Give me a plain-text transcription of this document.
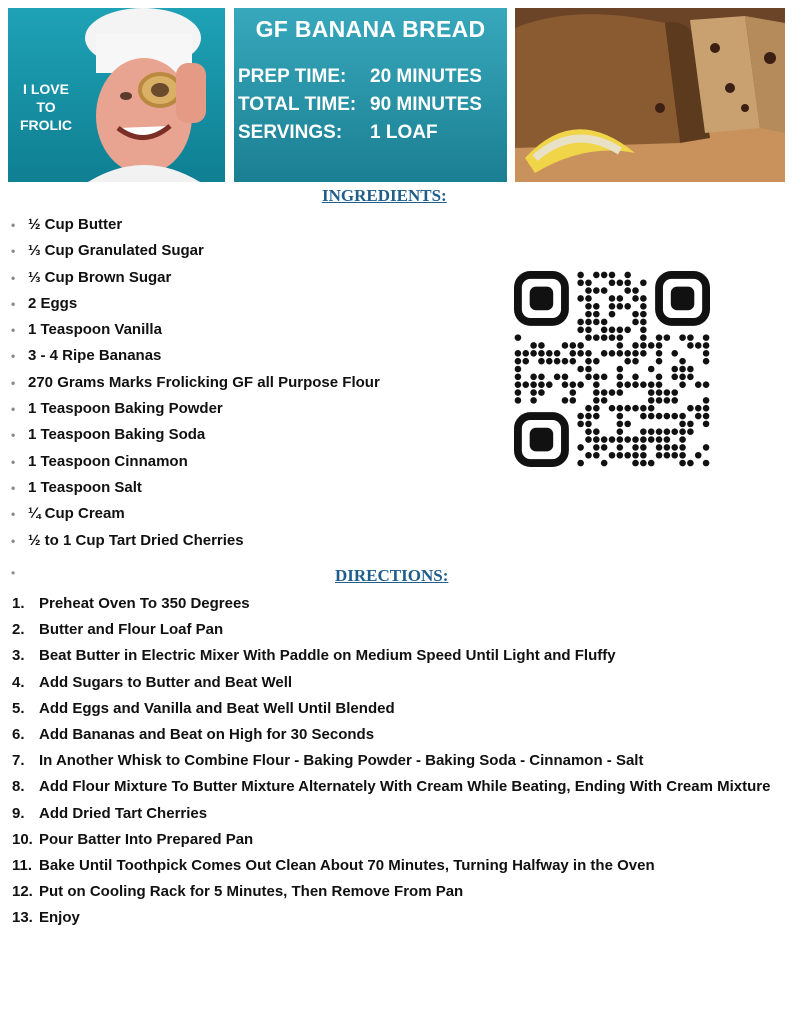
I LOVE
TO
FROLIC
GF BANANA BREAD
PREP TIME: 20 MINUTES
TOTAL TIME: 90 MINUTES
SERVINGS: 1 LOAF
INGREDIENTS:
• ½ Cup Butter
• ⅓ Cup Granulated Sugar
• ⅓ Cup Brown Sugar
• 2 Eggs
• 1 Teaspoon Vanilla
• 3 - 4 Ripe Bananas
• 270 Grams Marks Frolicking GF all Purpose Flour
• 1 Teaspoon Baking Powder
• 1 Teaspoon Baking Soda
• 1 Teaspoon Cinnamon
• 1 Teaspoon Salt
• ¼ Cup Cream
• ½ to 1 Cup Tart Dried Cherries
•	DIRECTIONS:
1. Preheat Oven To 350 Degrees
2. Butter and Flour Loaf Pan
3. Beat Butter in Electric Mixer With Paddle on Medium Speed Until Light and Fluffy
4. Add Sugars to Butter and Beat Well
5. Add Eggs and Vanilla and Beat Well Until Blended
6. Add Bananas and Beat on High for 30 Seconds
7. In Another Whisk to Combine Flour - Baking Powder - Baking Soda - Cinnamon - Salt
8. Add Flour Mixture To Butter Mixture Alternately With Cream While Beating, Ending With Cream Mixture
9. Add Dried Tart Cherries
10. Pour Batter Into Prepared Pan
11. Bake Until Toothpick Comes Out Clean About 70 Minutes, Turning Halfway in the Oven
12. Put on Cooling Rack for 5 Minutes, Then Remove From Pan
13. Enjoy
